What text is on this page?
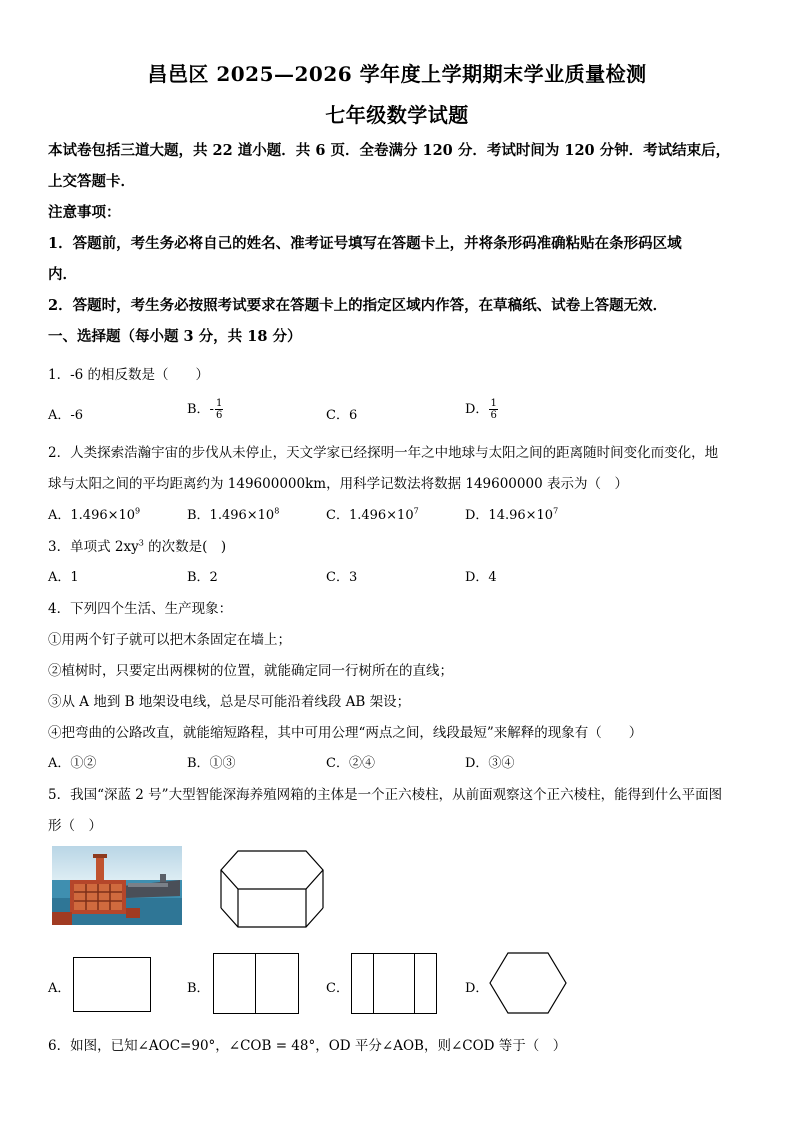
昌邑区 2025—2026 学年度上学期期末学业质量检测
七年级数学试题
本试卷包括三道大题，共 22 道小题．共 6 页．全卷满分 120 分．考试时间为 120 分钟．考试结束后，
上交答题卡．
注意事项：
1．答题前，考生务必将自己的姓名、准考证号填写在答题卡上，并将条形码准确粘贴在条形码区域
内．
2．答题时，考生务必按照考试要求在答题卡上的指定区域内作答，在草稿纸、试卷上答题无效．
一、选择题（每小题 3 分，共 18 分）
1．-6 的相反数是（　　）
A．-6	B．- $\frac{1}{6}$	C．6	D． $\frac{1}{6}$
2．人类探索浩瀚宇宙的步伐从未停止，天文学家已经探明一年之中地球与太阳之间的距离随时间变化而变化，地
球与太阳之间的平均距离约为 149600000km，用科学记数法将数据 149600000 表示为（　）
A．$1.496\times 10^9$	B．$1.496\times 10^8$	C．$1.496\times 10^7$	D．$14.96\times 10^7$
3．单项式 $2xy^3$ 的次数是(　)
A．1	B．2	C．3	D．4
4．下列四个生活、生产现象：
①用两个钉子就可以把木条固定在墙上；
②植树时，只要定出两棵树的位置，就能确定同一行树所在的直线；
③从 A 地到 B 地架设电线，总是尽可能沿着线段 AB 架设；
④把弯曲的公路改直，就能缩短路程，其中可用公理“两点之间，线段最短”来解释的现象有（　　）
A．①②	B．①③	C．②④	D．③④
5．我国“深蓝 2 号”大型智能深海养殖网箱的主体是一个正六棱柱，从前面观察这个正六棱柱，能得到什么平面图
形（　）
A．	B．	C．	D．
6．如图，已知∠AOC=90°，∠COB = 48°，OD 平分∠AOB，则∠COD 等于（　）
